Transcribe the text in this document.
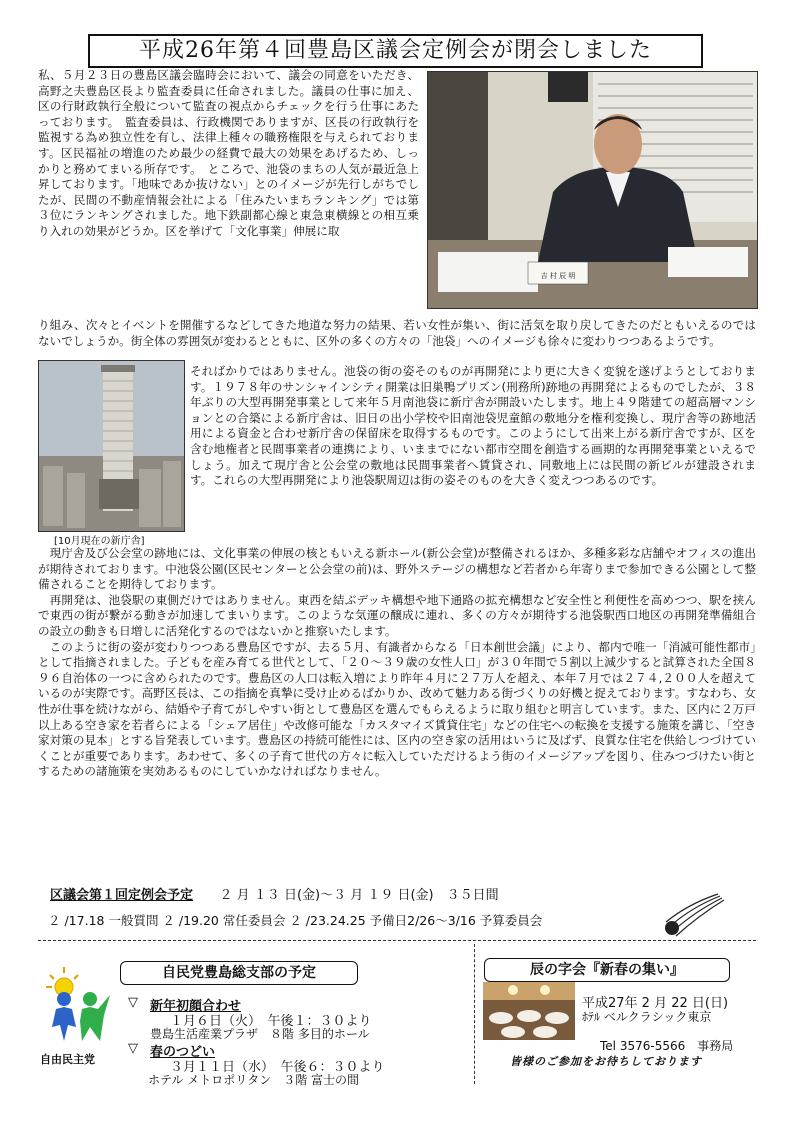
平成26年第４回豊島区議会定例会が閉会しました
吉 村 辰 明
[10月現在の新庁舎]

私、５月２３日の豊島区議会臨時会において、議会の同意をいただき、高野之夫豊島区長より監査委員に任命されました。議員の仕事に加え、区の行財政執行全般について監査の視点からチェックを行う仕事にあたっております。　監査委員は、行政機関でありますが、区長の行政執行を監視する為め独立性を有し、法律上種々の職務権限を与えられております。区民福祉の増進のため最少の経費で最大の効果をあげるため、しっかりと務めてまいる所存です。　ところで、池袋のまちの人気が最近急上昇しております。「地味であか抜けない」とのイメージが先行しがちでしたが、民間の不動産情報会社による「住みたいまちランキング」では第３位にランキングされました。地下鉄副都心線と東急東横線との相互乗り入れの効果がどうか。区を挙げて「文化事業」伸展に取

り組み、次々とイベントを開催するなどしてきた地道な努力の結果、若い女性が集い、街に活気を取り戻してきたのだともいえるのではないでしょうか。街全体の雰囲気が変わるとともに、区外の多くの方々の「池袋」へのイメージも徐々に変わりつつあるようです。

そればかりではありません。池袋の街の姿そのものが再開発により更に大きく変貌を遂げようとしております。１９７８年のサンシャインシティ開業は旧巣鴨プリズン(刑務所)跡地の再開発によるものでしたが、３８年ぶりの大型再開発事業として来年５月南池袋に新庁舎が開設いたします。地上４９階建ての超高層マンションとの合築による新庁舎は、旧日の出小学校や旧南池袋児童館の敷地分を権利変換し、現庁舎等の跡地活用による資金と合わせ新庁舎の保留床を取得するものです。このようにして出来上がる新庁舎ですが、区を含む地権者と民間事業者の連携により、いままでにない都市空間を創造する画期的な再開発事業といえるでしょう。加えて現庁舎と公会堂の敷地は民間事業者へ賃貸され、同敷地上には民間の新ビルが建設されます。これらの大型再開発により池袋駅周辺は街の姿そのものを大きく変えつつあるのです。

現庁舎及び公会堂の跡地には、文化事業の伸展の核ともいえる新ホール(新公会堂)が整備されるほか、多種多彩な店舗やオフィスの進出が期待されております。中池袋公園(区民センターと公会堂の前)は、野外ステージの構想など若者から年寄りまで参加できる公園として整備されることを期待しております。
再開発は、池袋駅の東側だけではありません。東西を結ぶデッキ構想や地下通路の拡充構想など安全性と利便性を高めつつ、駅を挟んで東西の街が繋がる動きが加速してまいります。このような気運の醸成に連れ、多くの方々が期待する池袋駅西口地区の再開発準備組合の設立の動きも日増しに活発化するのではないかと推察いたします。
このように街の姿が変わりつつある豊島区ですが、去る５月、有識者からなる「日本創世会議」により、都内で唯一「消滅可能性都市」として指摘されました。子どもを産み育てる世代として、「２０～３９歳の女性人口」が３０年間で５割以上減少すると試算された全国８９６自治体の一つに含められたのです。豊島区の人口は転入増により昨年４月に２７万人を超え、本年７月では２７４,２００人を超えているのが実際です。高野区長は、この指摘を真摯に受け止めるばかりか、改めて魅力ある街づくりの好機と捉えております。すなわち、女性が仕事を続けながら、結婚や子育てがしやすい街として豊島区を選んでもらえるように取り組むと明言しています。また、区内に２万戸以上ある空き家を若者らによる「シェア居住」や改修可能な「カスタマイズ賃貸住宅」などの住宅への転換を支援する施策を講じ、「空き家対策の見本」とする旨発表しています。豊島区の持続可能性には、区内の空き家の活用はいうに及ばず、良質な住宅を供給しつづけていくことが重要であります。あわせて、多くの子育て世代の方々に転入していただけるよう街のイメージアップを図り、住みつづけたい街とするための諸施策を実効あるものにしていかなければなりません。
区議会第１回定例会予定 ２ 月 １３ 日(金)～３ 月 １９ 日(金)　３５日間
２ /17.18 一般質問 ２ /19.20 常任委員会 ２ /23.24.25 予備日2/26～3/16 予算委員会
自由民主党
自民党豊島総支部の予定
▽ 新年初顔合わせ
１月６日（火）　午後１：３０より
豊島生活産業プラザ　８階 多目的ホール
▽ 春のつどい
３月１１日（水）　午後６：３０より
ホテル メトロポリタン　３階 富士の間
辰の字会『新春の集い』
平成27年 2 月 22 日(日)
ﾎﾃﾙ ベルクラシック東京
Tel 3576-5566　事務局
皆様のご参加をお待ちしております
